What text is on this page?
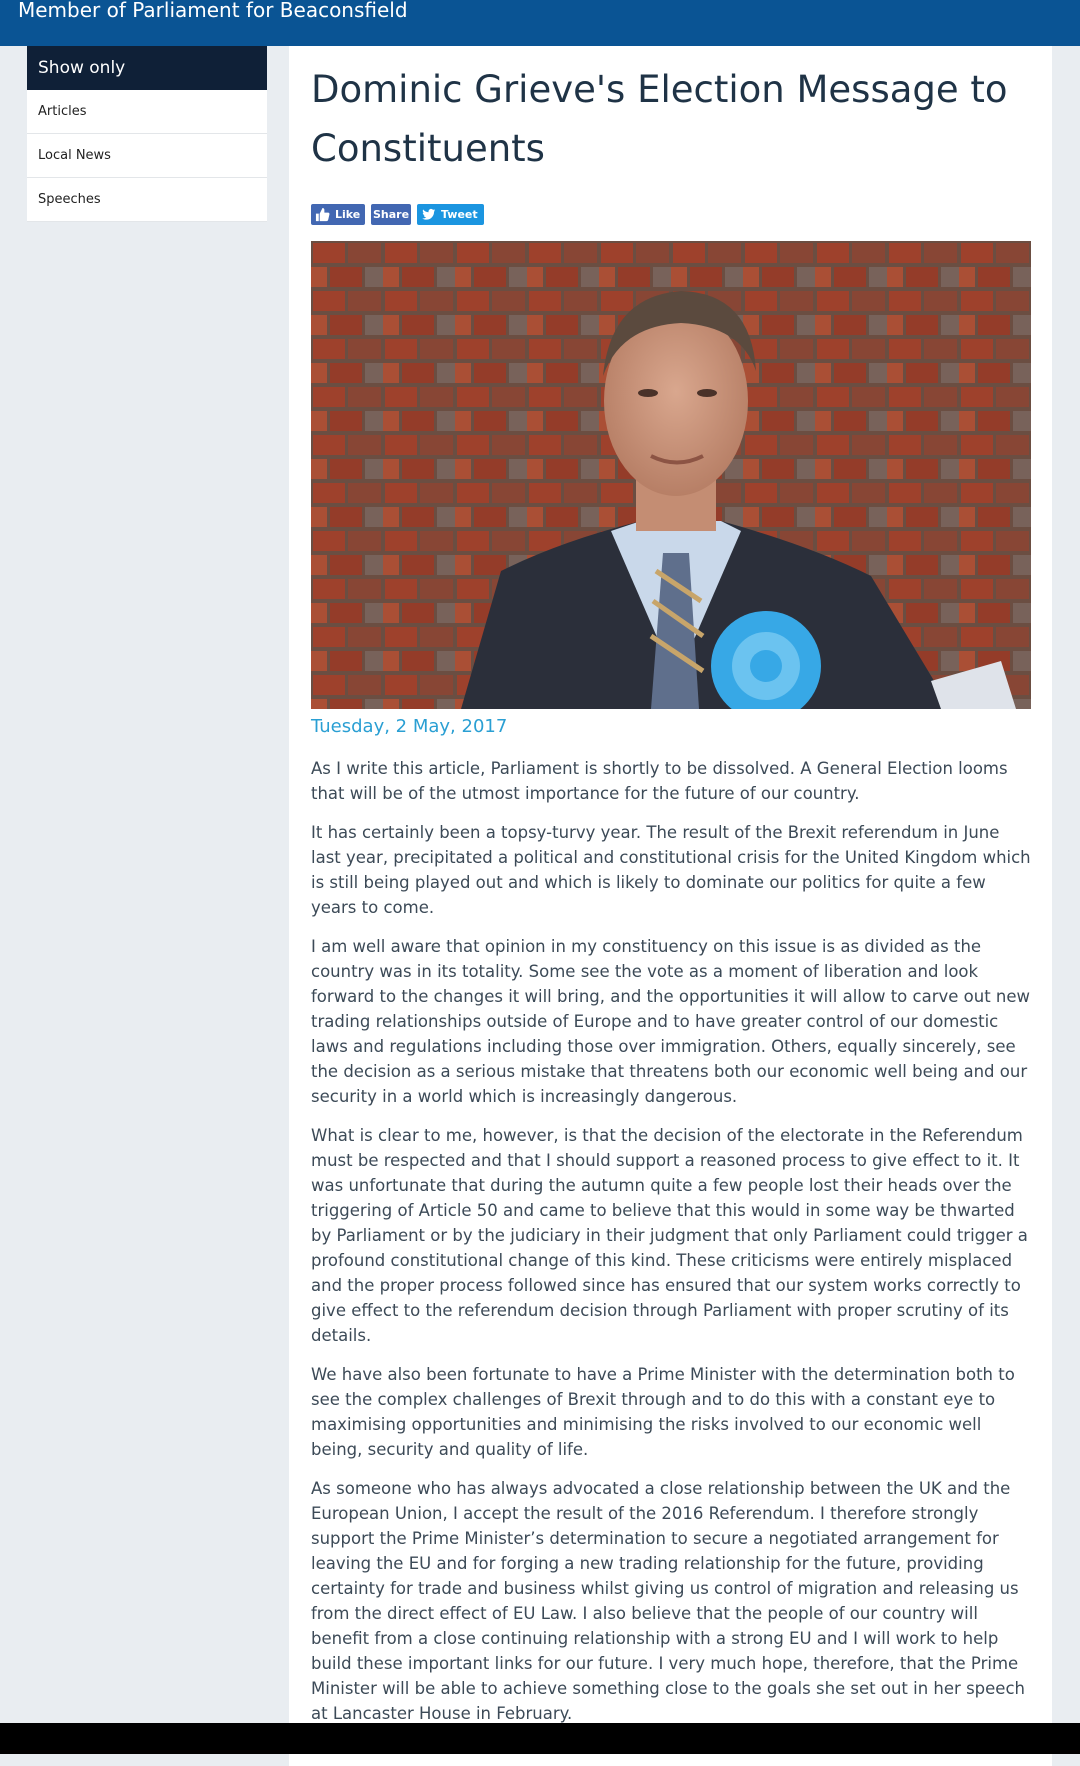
Member of Parliament for Beaconsfield
Show only
Articles
Local News
Speeches
Dominic Grieve's Election Message to Constituents
Like Share	Tweet
Tuesday, 2 May, 2017

As I write this article, Parliament is shortly to be dissolved. A General Election looms that will be of the utmost importance for the future of our country.

It has certainly been a topsy-turvy year. The result of the Brexit referendum in June last year, precipitated a political and constitutional crisis for the United Kingdom which is still being played out and which is likely to dominate our politics for quite a few years to come.

I am well aware that opinion in my constituency on this issue is as divided as the country was in its totality. Some see the vote as a moment of liberation and look forward to the changes it will bring, and the opportunities it will allow to carve out new trading relationships outside of Europe and to have greater control of our domestic laws and regulations including those over immigration. Others, equally sincerely, see the decision as a serious mistake that threatens both our economic well being and our security in a world which is increasingly dangerous.

What is clear to me, however, is that the decision of the electorate in the Referendum must be respected and that I should support a reasoned process to give effect to it. It was unfortunate that during the autumn quite a few people lost their heads over the triggering of Article 50 and came to believe that this would in some way be thwarted by Parliament or by the judiciary in their judgment that only Parliament could trigger a profound constitutional change of this kind. These criticisms were entirely misplaced and the proper process followed since has ensured that our system works correctly to give effect to the referendum decision through Parliament with proper scrutiny of its details.

We have also been fortunate to have a Prime Minister with the determination both to see the complex challenges of Brexit through and to do this with a constant eye to maximising opportunities and minimising the risks involved to our economic well being, security and quality of life.

As someone who has always advocated a close relationship between the UK and the European Union, I accept the result of the 2016 Referendum. I therefore strongly support the Prime Minister’s determination to secure a negotiated arrangement for leaving the EU and for forging a new trading relationship for the future, providing certainty for trade and business whilst giving us control of migration and releasing us from the direct effect of EU Law. I also believe that the people of our country will benefit from a close continuing relationship with a strong EU and I will work to help build these important links for our future. I very much hope, therefore, that the Prime Minister will be able to achieve something close to the goals she set out in her speech at Lancaster House in February.
